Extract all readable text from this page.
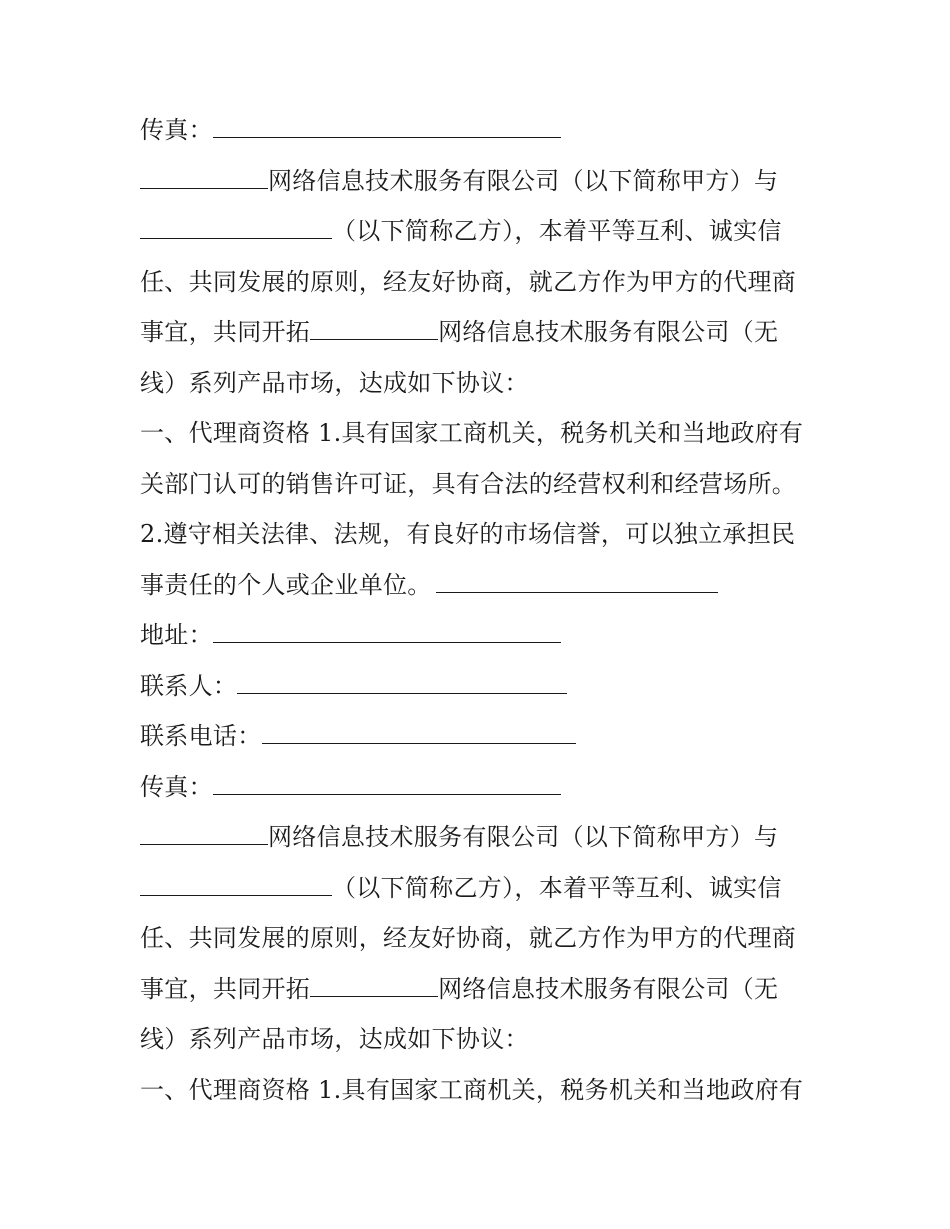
传真：
网络信息技术服务有限公司（以下简称甲方）与
（以下简称乙方），本着平等互利、诚实信
任、共同发展的原则，经友好协商，就乙方作为甲方的代理商
事宜，共同开拓	网络信息技术服务有限公司（无
线）系列产品市场，达成如下协议：
一、代理商资格 1.具有国家工商机关，税务机关和当地政府有
关部门认可的销售许可证，具有合法的经营权利和经营场所。
2.遵守相关法律、法规，有良好的市场信誉，可以独立承担民
事责任的个人或企业单位。
地址：
联系人：
联系电话：
传真：
网络信息技术服务有限公司（以下简称甲方）与
（以下简称乙方），本着平等互利、诚实信
任、共同发展的原则，经友好协商，就乙方作为甲方的代理商
事宜，共同开拓	网络信息技术服务有限公司（无
线）系列产品市场，达成如下协议：
一、代理商资格 1.具有国家工商机关，税务机关和当地政府有
